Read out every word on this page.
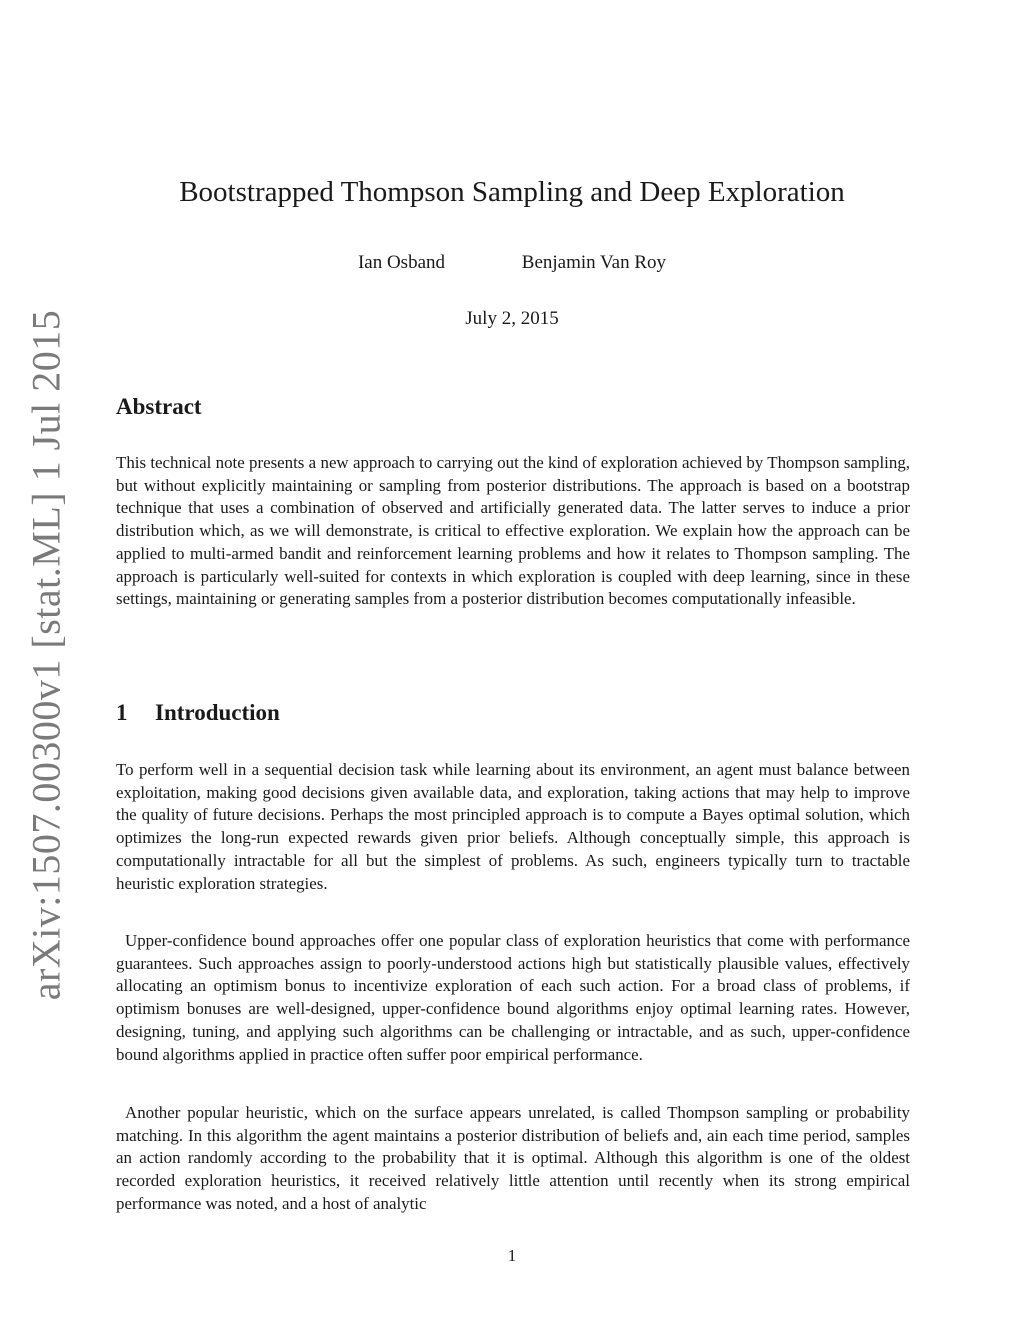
arXiv:1507.00300v1 [stat.ML] 1 Jul 2015
Bootstrapped Thompson Sampling and Deep Exploration
Ian Osband	Benjamin Van Roy
July 2, 2015
Abstract
This technical note presents a new approach to carrying out the kind of exploration achieved by Thompson sampling, but without explicitly maintaining or sampling from posterior distributions. The approach is based on a bootstrap technique that uses a combination of observed and artificially generated data. The latter serves to induce a prior distribution which, as we will demonstrate, is critical to effective exploration. We explain how the approach can be applied to multi-armed bandit and reinforcement learning problems and how it relates to Thompson sampling. The approach is particularly well-suited for contexts in which exploration is coupled with deep learning, since in these settings, maintaining or generating samples from a posterior distribution becomes computationally infeasible.
1 Introduction
To perform well in a sequential decision task while learning about its environment, an agent must balance between exploitation, making good decisions given available data, and exploration, taking actions that may help to improve the quality of future decisions. Perhaps the most principled approach is to compute a Bayes optimal solution, which optimizes the long-run expected rewards given prior beliefs. Although conceptually simple, this approach is computationally intractable for all but the simplest of problems. As such, engineers typically turn to tractable heuristic exploration strategies.
Upper-confidence bound approaches offer one popular class of exploration heuristics that come with performance guarantees. Such approaches assign to poorly-understood actions high but statistically plausible values, effectively allocating an optimism bonus to incentivize exploration of each such action. For a broad class of problems, if optimism bonuses are well-designed, upper-confidence bound algorithms enjoy optimal learning rates. However, designing, tuning, and applying such algorithms can be challenging or intractable, and as such, upper-confidence bound algorithms applied in practice often suffer poor empirical performance.
Another popular heuristic, which on the surface appears unrelated, is called Thompson sampling or probability matching. In this algorithm the agent maintains a posterior distribution of beliefs and, ain each time period, samples an action randomly according to the probability that it is optimal. Although this algorithm is one of the oldest recorded exploration heuristics, it received relatively little attention until recently when its strong empirical performance was noted, and a host of analytic
1
